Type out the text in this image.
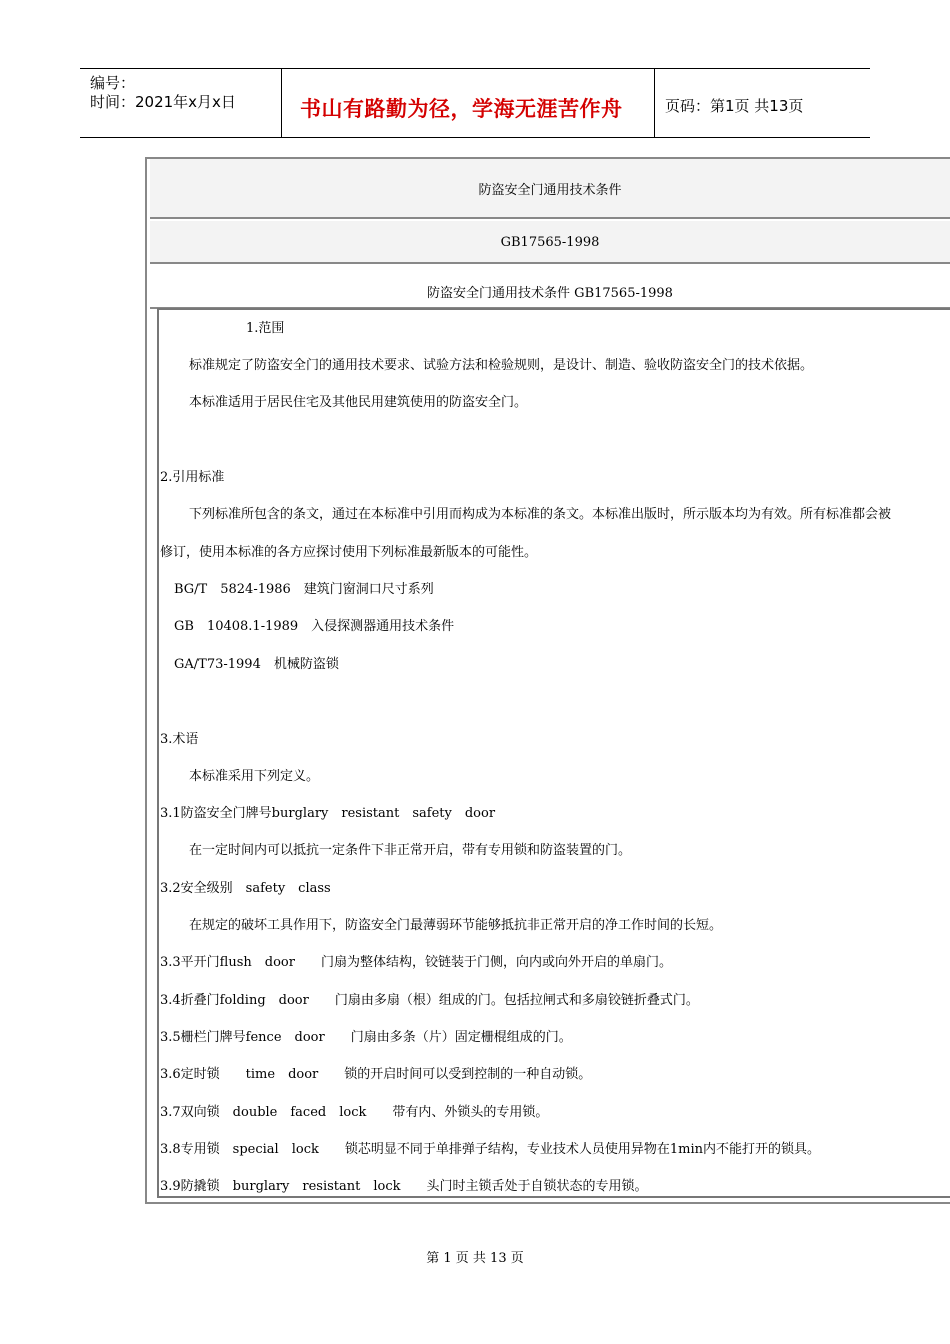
编号：
时间：2021年x月x日	书山有路勤为径，学海无涯苦作舟	页码：第1页 共13页
防盗安全门通用技术条件
GB17565-1998
防盗安全门通用技术条件 GB17565-1998
1.范围
标准规定了防盗安全门的通用技术要求、试验方法和检验规则，是设计、制造、验收防盗安全门的技术依据。
本标准适用于居民住宅及其他民用建筑使用的防盗安全门。
2.引用标准
下列标准所包含的条文，通过在本标准中引用而构成为本标准的条文。本标准出版时，所示版本均为有效。所有标准都会被
修订，使用本标准的各方应探讨使用下列标准最新版本的可能性。
BG/T　5824-1986　建筑门窗洞口尺寸系列
GB　10408.1-1989　入侵探测器通用技术条件
GA/T73-1994　机械防盗锁
3.术语
本标准采用下列定义。
3.1防盗安全门牌号burglary　resistant　safety　door
在一定时间内可以抵抗一定条件下非正常开启，带有专用锁和防盗装置的门。
3.2安全级别　safety　class
在规定的破坏工具作用下，防盗安全门最薄弱环节能够抵抗非正常开启的净工作时间的长短。
3.3平开门flush　door　　门扇为整体结构，铰链装于门侧，向内或向外开启的单扇门。
3.4折叠门folding　door　　门扇由多扇（根）组成的门。包括拉闸式和多扇铰链折叠式门。
3.5栅栏门牌号fence　door　　门扇由多条（片）固定栅棍组成的门。
3.6定时锁　　time　door　　锁的开启时间可以受到控制的一种自动锁。
3.7双向锁　double　faced　lock　　带有内、外锁头的专用锁。
3.8专用锁　special　lock　　锁芯明显不同于单排弹子结构，专业技术人员使用异物在1min内不能打开的锁具。
3.9防撬锁　burglary　resistant　lock　　头门时主锁舌处于自锁状态的专用锁。
第 1 页 共 13 页
